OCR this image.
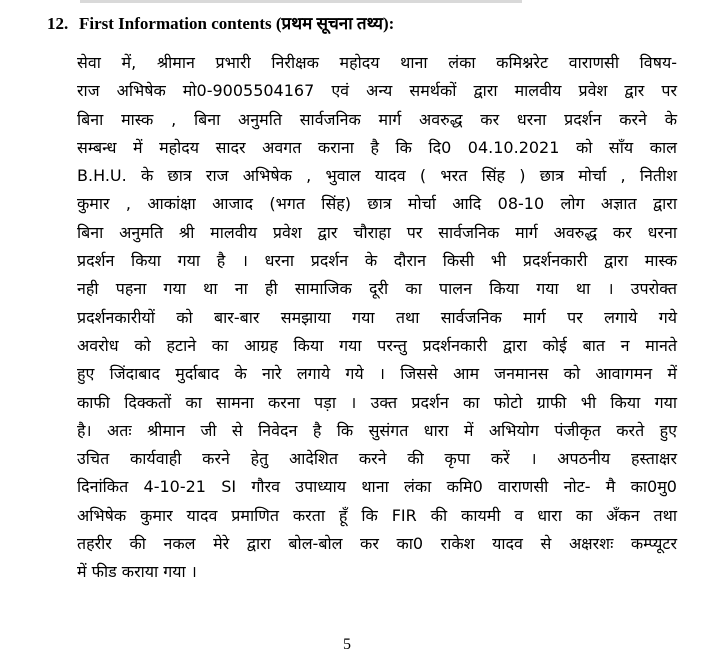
12. First Information contents (प्रथम सूचना तथ्य):
सेवा में, श्रीमान प्रभारी निरीक्षक महोदय थाना लंका कमिश्नरेट वाराणसी विषय-
राज अभिषेक मो0-9005504167 एवं अन्य समर्थकों द्वारा मालवीय प्रवेश द्वार पर
बिना मास्क , बिना अनुमति सार्वजनिक मार्ग अवरुद्ध कर धरना प्रदर्शन करने के
सम्बन्ध में महोदय सादर अवगत कराना है कि दि0 04.10.2021 को साँय काल
B.H.U. के छात्र राज अभिषेक , भुवाल यादव ( भरत सिंह ) छात्र मोर्चा , नितीश
कुमार , आकांक्षा आजाद (भगत सिंह) छात्र मोर्चा आदि 08-10 लोग अज्ञात द्वारा
बिना अनुमति श्री मालवीय प्रवेश द्वार चौराहा पर सार्वजनिक मार्ग अवरुद्ध कर धरना
प्रदर्शन किया गया है । धरना प्रदर्शन के दौरान किसी भी प्रदर्शनकारी द्वारा मास्क
नही पहना गया था ना ही सामाजिक दूरी का पालन किया गया था । उपरोक्त
प्रदर्शनकारीयों को बार-बार समझाया गया तथा सार्वजनिक मार्ग पर लगाये गये
अवरोध को हटाने का आग्रह किया गया परन्तु प्रदर्शनकारी द्वारा कोई बात न मानते
हुए जिंदाबाद मुर्दाबाद के नारे लगाये गये । जिससे आम जनमानस को आवागमन में
काफी दिक्कतों का सामना करना पड़ा । उक्त प्रदर्शन का फोटो ग्राफी भी किया गया
है। अतः श्रीमान जी से निवेदन है कि सुसंगत धारा में अभियोग पंजीकृत करते हुए
उचित कार्यवाही करने हेतु आदेशित करने की कृपा करें । अपठनीय हस्ताक्षर
दिनांकित 4-10-21 SI गौरव उपाध्याय थाना लंका कमि0 वाराणसी नोट- मै का0मु0
अभिषेक कुमार यादव प्रमाणित करता हूँ कि FIR की कायमी व धारा का अँकन तथा
तहरीर की नकल मेरे द्वारा बोल-बोल कर का0 राकेश यादव से अक्षरशः कम्प्यूटर
में फीड कराया गया ।
5
